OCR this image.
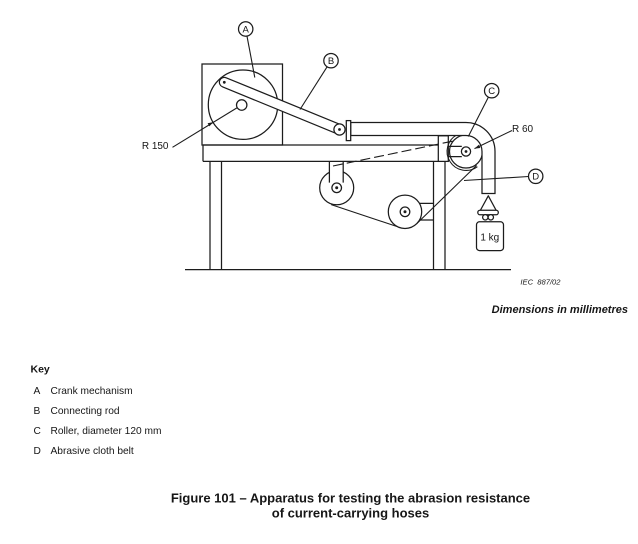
1 kg
A
B
C
D
R 150
R 60
IEC  887/02
Dimensions in millimetres
Key
A Crank mechanism
B Connecting rod
C Roller, diameter 120 mm
D Abrasive cloth belt
Figure 101 – Apparatus for testing the abrasion resistance
of current-carrying hoses
